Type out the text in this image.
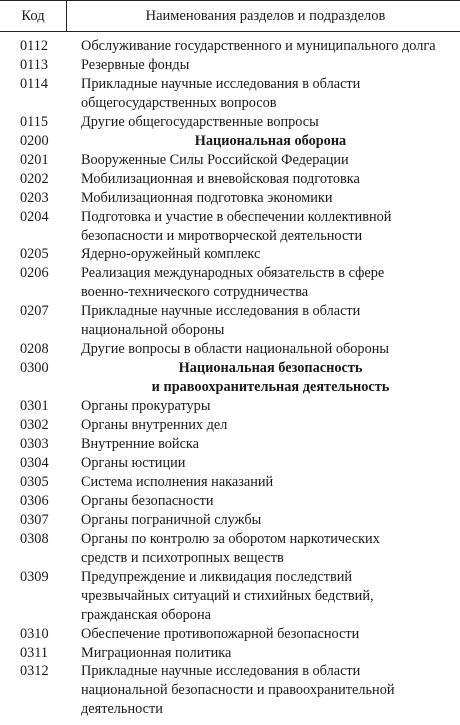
Код	Наименования разделов и подразделов
0112	Обслуживание государственного и муниципального долга
0113	Резервные фонды
0114	Прикладные научные исследования в области
общегосударственных вопросов
0115	Другие общегосударственные вопросы
0200	Национальная оборона
0201	Вооруженные Силы Российской Федерации
0202	Мобилизационная и вневойсковая подготовка
0203	Мобилизационная подготовка экономики
0204	Подготовка и участие в обеспечении коллективной
безопасности и миротворческой деятельности
0205	Ядерно-оружейный комплекс
0206	Реализация международных обязательств в сфере
военно-технического сотрудничества
0207	Прикладные научные исследования в области
национальной обороны
0208	Другие вопросы в области национальной обороны
0300	Национальная безопасность
и правоохранительная деятельность
0301	Органы прокуратуры
0302	Органы внутренних дел
0303	Внутренние войска
0304	Органы юстиции
0305	Система исполнения наказаний
0306	Органы безопасности
0307	Органы пограничной службы
0308	Органы по контролю за оборотом наркотических
средств и психотропных веществ
0309	Предупреждение и ликвидация последствий
чрезвычайных ситуаций и стихийных бедствий,
гражданская оборона
0310	Обеспечение противопожарной безопасности
0311	Миграционная политика
0312	Прикладные научные исследования в области
национальной безопасности и правоохранительной
деятельности
